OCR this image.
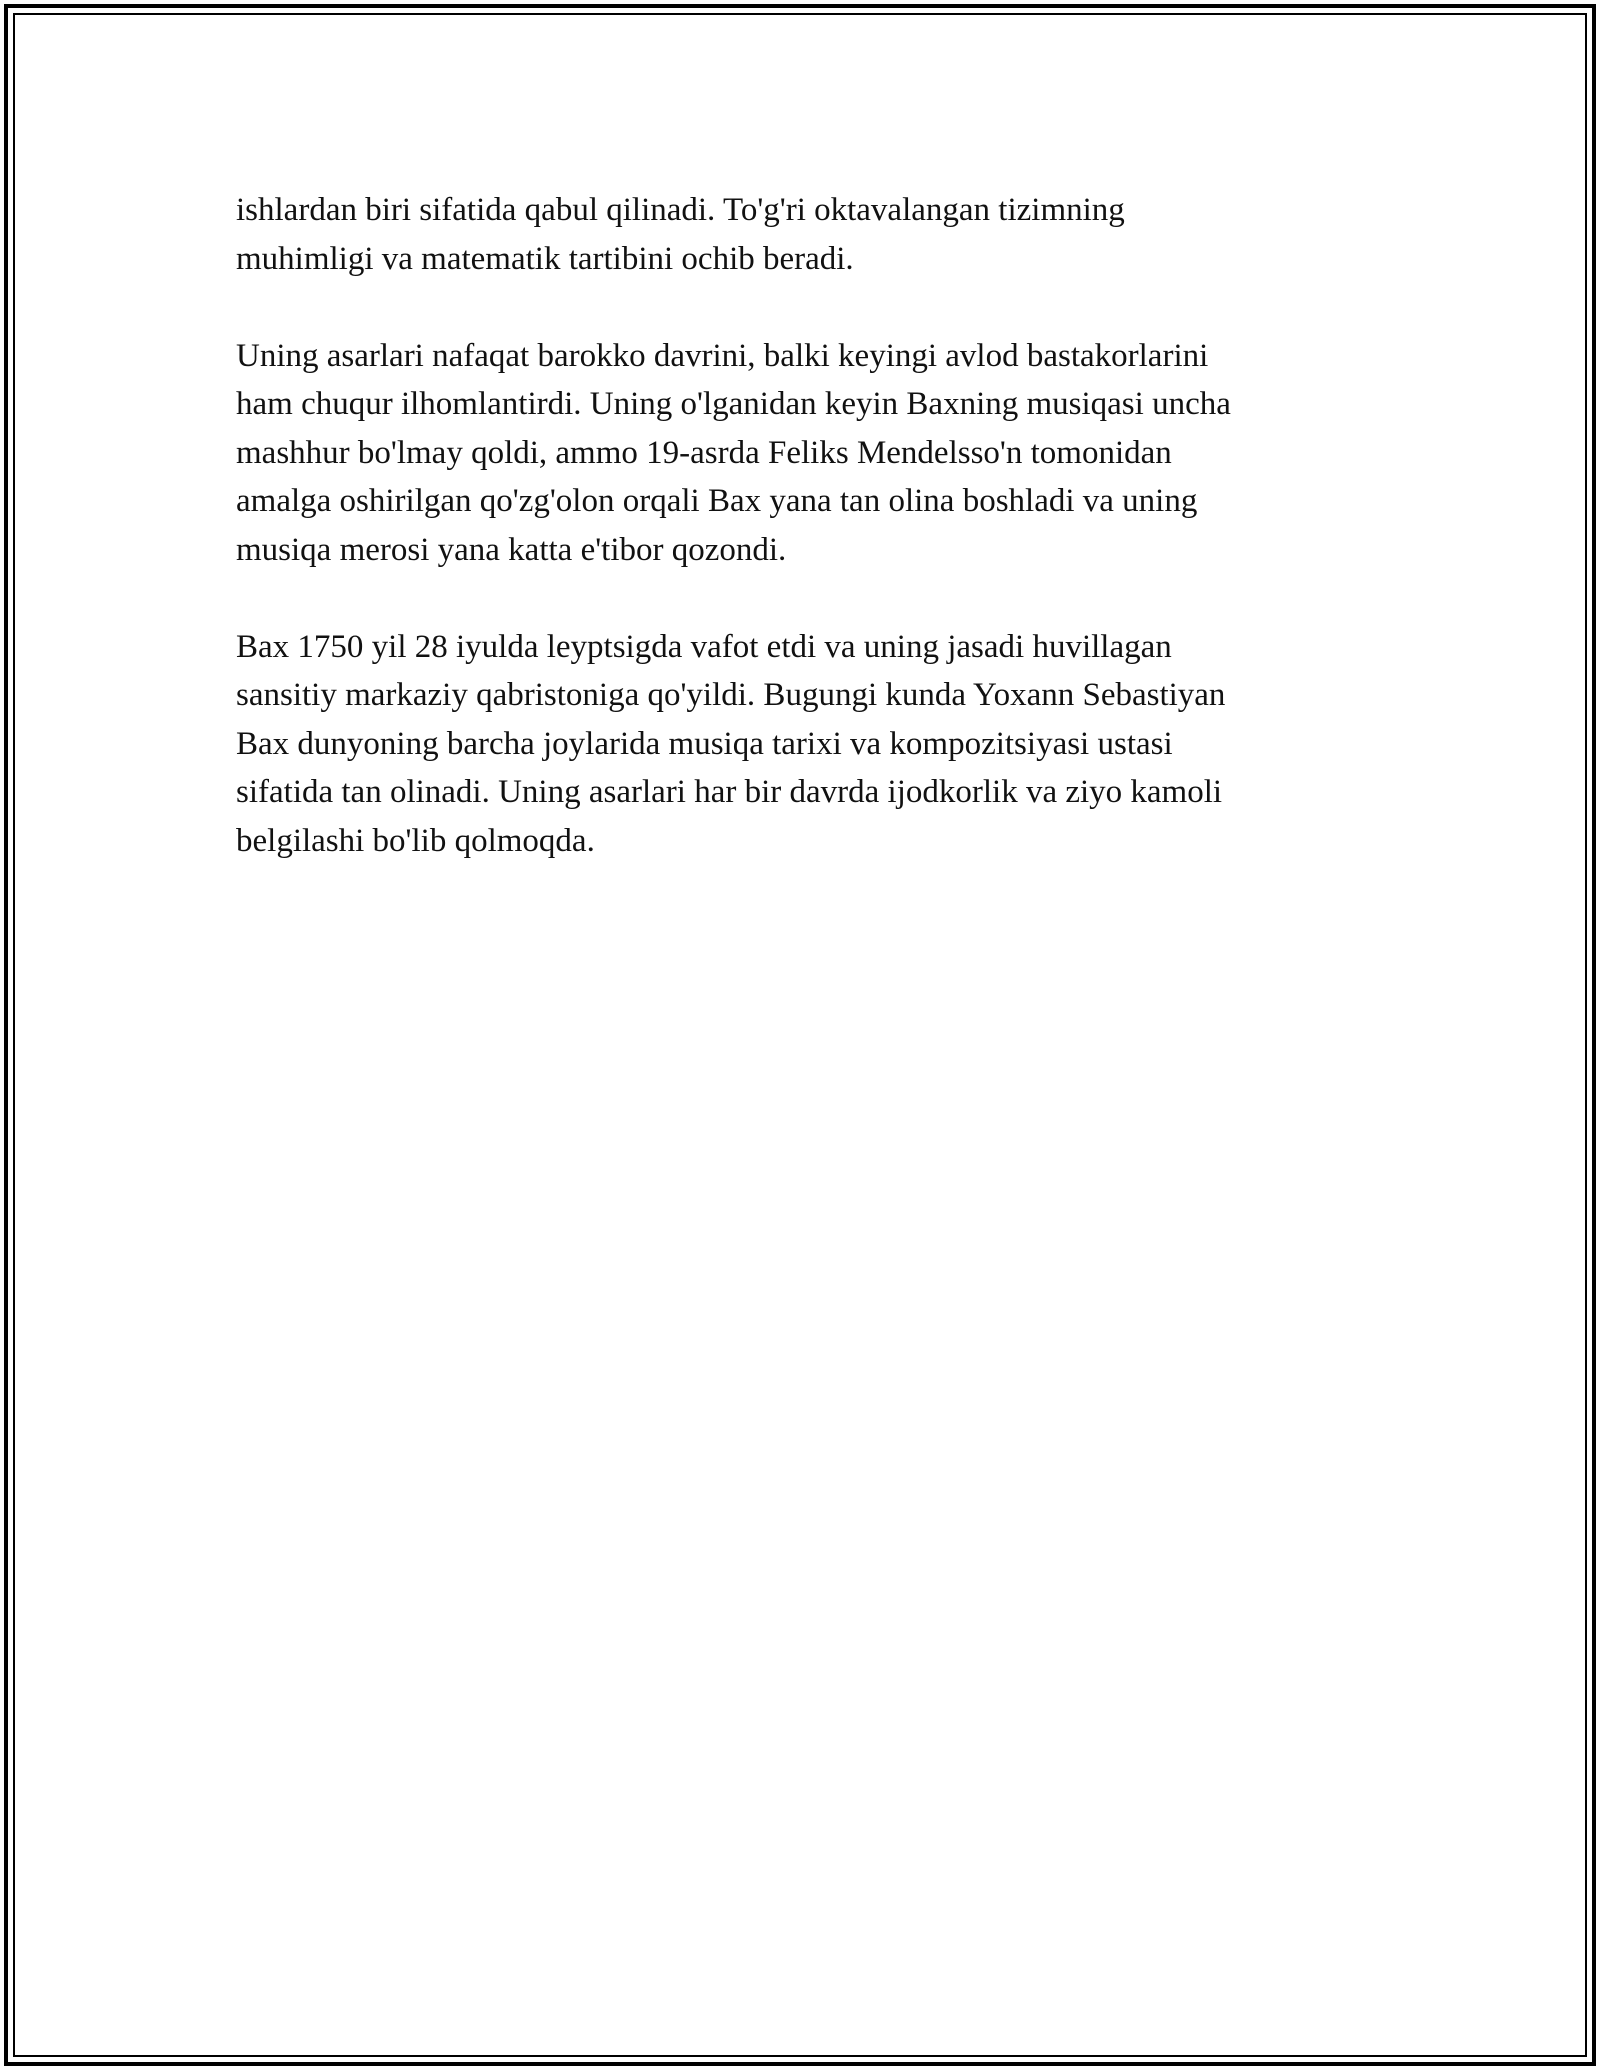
ishlardan biri sifatida qabul qilinadi. To'g'ri oktavalangan tizimning
muhimligi va matematik tartibini ochib beradi.

Uning asarlari nafaqat barokko davrini, balki keyingi avlod bastakorlarini
ham chuqur ilhomlantirdi. Uning o'lganidan keyin Baxning musiqasi uncha
mashhur bo'lmay qoldi, ammo 19-asrda Feliks Mendelsso'n tomonidan
amalga oshirilgan qo'zg'olon orqali Bax yana tan olina boshladi va uning
musiqa merosi yana katta e'tibor qozondi.

Bax 1750 yil 28 iyulda leyptsigda vafot etdi va uning jasadi huvillagan
sansitiy markaziy qabristoniga qo'yildi. Bugungi kunda Yoxann Sebastiyan
Bax dunyoning barcha joylarida musiqa tarixi va kompozitsiyasi ustasi
sifatida tan olinadi. Uning asarlari har bir davrda ijodkorlik va ziyo kamoli
belgilashi bo'lib qolmoqda.
